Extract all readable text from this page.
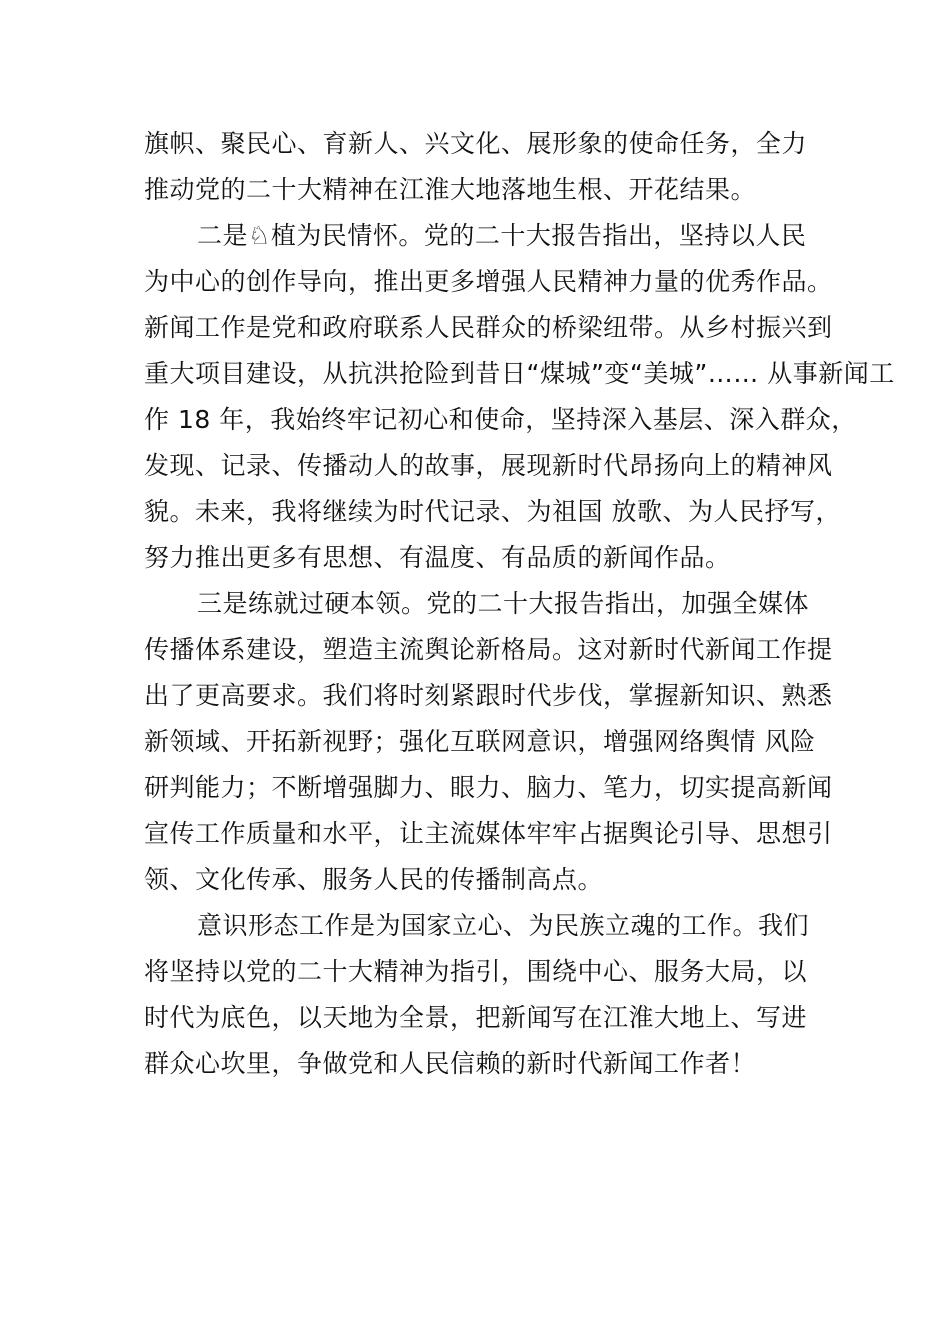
旗帜、聚民心、育新人、兴文化、展形象的使命任务，全力
推动党的二十大精神在江淮大地落地生根、开花结果。
二是♘植为民情怀。党的二十大报告指出，坚持以人民
为中心的创作导向，推出更多增强人民精神力量的优秀作品。
新闻工作是党和政府联系人民群众的桥梁纽带。从乡村振兴到
重大项目建设，从抗洪抢险到昔日“煤城”变“美城”…… 从事新闻工
作 18 年，我始终牢记初心和使命，坚持深入基层、深入群众，
发现、记录、传播动人的故事，展现新时代昂扬向上的精神风
貌。未来，我将继续为时代记录、为祖国 放歌、为人民抒写，
努力推出更多有思想、有温度、有品质的新闻作品。
三是练就过硬本领。党的二十大报告指出，加强全媒体
传播体系建设，塑造主流舆论新格局。这对新时代新闻工作提
出了更高要求。我们将时刻紧跟时代步伐，掌握新知识、熟悉
新领域、开拓新视野；强化互联网意识，增强网络舆情 风险
研判能力；不断增强脚力、眼力、脑力、笔力，切实提高新闻
宣传工作质量和水平，让主流媒体牢牢占据舆论引导、思想引
领、文化传承、服务人民的传播制高点。
意识形态工作是为国家立心、为民族立魂的工作。我们
将坚持以党的二十大精神为指引，围绕中心、服务大局，以
时代为底色，以天地为全景，把新闻写在江淮大地上、写进
群众心坎里，争做党和人民信赖的新时代新闻工作者！
